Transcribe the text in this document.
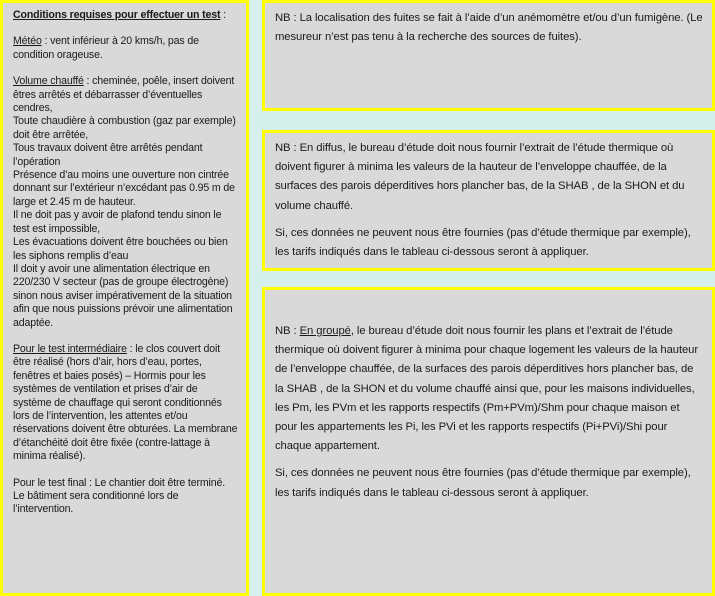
Conditions requises pour effectuer un test :

Météo : vent inférieur à 20 kms/h, pas de condition orageuse.

Volume chauffé : cheminée, poêle, insert doivent êtres arrêtés et débarrasser d’éventuelles cendres,
Toute chaudière à combustion (gaz par exemple) doit être arrêtée,
Tous travaux doivent être arrêtés pendant l’opération
Présence d’au moins une ouverture non cintrée donnant sur l’extérieur n’excédant pas 0.95 m de large et 2.45 m de hauteur.
Il ne doit pas y avoir de plafond tendu sinon le test est impossible,
Les évacuations doivent être bouchées ou bien les siphons remplis d’eau
Il doit y avoir une alimentation électrique en 220/230 V secteur (pas de groupe électrogène) sinon nous aviser impérativement de la situation afin que nous puissions prévoir une alimentation adaptée.

Pour le test intermédiaire : le clos couvert doit être réalisé (hors d’air, hors d’eau, portes, fenêtres et baies posés) – Hormis pour les systèmes de ventilation et prises d’air de système de chauffage qui seront conditionnés lors de l’intervention, les attentes et/ou réservations doivent être obturées. La membrane d’étanchéité doit être fixée (contre-lattage à minima réalisé).

Pour le test final : Le chantier doit être terminé. Le bâtiment sera conditionné lors de l’intervention.

NB : La localisation des fuites se fait à l’aide d’un anémomètre et/ou d’un fumigène. (Le mesureur n’est pas tenu à la recherche des sources de fuites).

NB : En diffus, le bureau d’étude doit nous fournir l’extrait de l’étude thermique où doivent figurer à minima les valeurs de la hauteur de l’enveloppe chauffée, de la surfaces des parois déperditives hors plancher bas, de la SHAB , de la SHON et du volume chauffé.

Si, ces données ne peuvent nous être fournies (pas d’étude thermique par exemple), les tarifs indiqués dans le tableau ci-dessous seront à appliquer.

NB : En groupé, le bureau d’étude doit nous fournir les plans et l’extrait de l’étude thermique où doivent figurer à minima pour chaque logement les valeurs de la hauteur de l’enveloppe chauffée, de la surfaces des parois déperditives hors plancher bas, de la SHAB , de la SHON et du volume chauffé ainsi que, pour les maisons individuelles, les Pm, les PVm et les rapports respectifs (Pm+PVm)/Shm pour chaque maison et pour les appartements les Pi, les PVi et les rapports respectifs (Pi+PVi)/Shi pour chaque appartement.

Si, ces données ne peuvent nous être fournies (pas d’étude thermique par exemple), les tarifs indiqués dans le tableau ci-dessous seront à appliquer.
